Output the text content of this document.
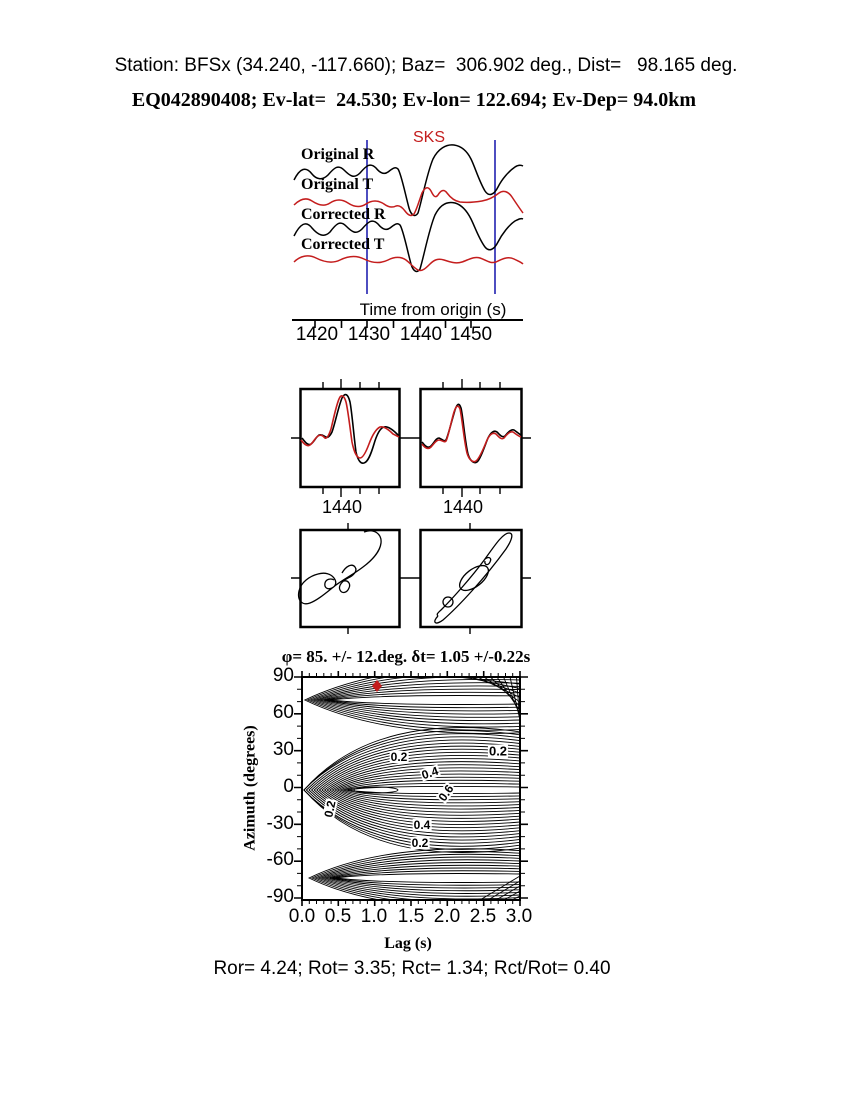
Station: BFSx (34.240, -117.660); Baz=  306.902 deg., Dist=   98.165 deg.
EQ042890408; Ev-lat=  24.530; Ev-lon= 122.694; Ev-Dep= 94.0km
SKS
Original R
Original T
Corrected R
Corrected T
Time from origin (s)
1420 1430 1440 1450
1440	1440
φ= 85. +/- 12.deg. δt= 1.05 +/-0.22s
0.2
0.4
0.6
0.2
0.4
0.2
0.2
Azimuth (degrees)
90
60
30
0
-30
-60
-90
0.0 0.5 1.0 1.5 2.0 2.5 3.0
Lag (s)
Ror= 4.24; Rot= 3.35; Rct= 1.34; Rct/Rot= 0.40
